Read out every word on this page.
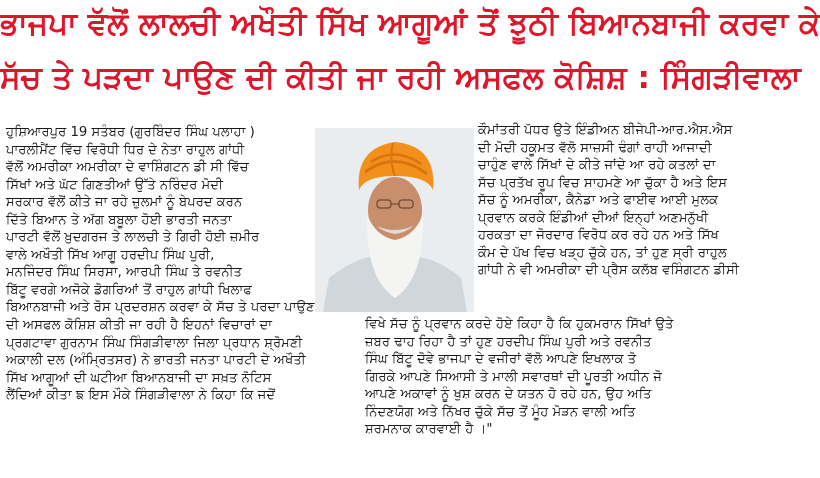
ਭਾਜਪਾ ਵੱਲੋਂ ਲਾਲਚੀ ਅਖੌਤੀ ਸਿੱਖ ਆਗੂਆਂ ਤੋਂ ਝੂਠੀ ਬਿਆਨਬਾਜੀ ਕਰਵਾ ਕੇ
ਸੱਚ ਤੇ ਪੜਦਾ ਪਾਉਣ ਦੀ ਕੀਤੀ ਜਾ ਰਹੀ ਅਸਫਲ ਕੋਸ਼ਿਸ਼ : ਸਿੰਗੜੀਵਾਲਾ

ਹੁਸ਼ਿਆਰਪੁਰ 19 ਸਤੰਬਰ (ਗੁਰਬਿੰਦਰ ਸਿੰਘ ਪਲਾਹਾ )

ਪਾਰਲੀਮੈਂਟ ਵਿੱਚ ਵਿਰੋਧੀ ਧਿਰ ਦੇ ਨੇਤਾ ਰਾਹੁਲ ਗਾਂਧੀ

ਵੱਲੋਂ ਅਮਰੀਕਾ ਅਮਰੀਕਾ ਦੇ ਵਾਸ਼ਿੰਗਟਨ ਡੀ ਸੀ ਵਿੱਚ

ਸਿੱਖਾਂ ਅਤੇ ਘੱਟ ਗਿਣਤੀਆਂ ਉੱਤੇ ਨਰਿੰਦਰ ਮੋਦੀ

ਸਰਕਾਰ ਵੱਲੋਂ ਕੀਤੇ ਜਾ ਰਹੇ ਜ਼ੁਲਮਾਂ ਨੂੰ ਬੇਪਰਦ ਕਰਨ

ਦਿੱਤੇ ਬਿਆਨ ਤੇ ਅੱਗ ਬਬੂਲਾ ਹੋਈ ਭਾਰਤੀ ਜਨਤਾ

ਪਾਰਟੀ ਵੱਲੋਂ ਖ਼ੁਦਗਰਜ ਤੇ ਲਾਲਚੀ ਤੇ ਗਿਰੀ ਹੋਈ ਜ਼ਮੀਰ

ਵਾਲੇ ਅਖੌਤੀ ਸਿੱਖ ਆਗੂ ਹਰਦੀਪ ਸਿੰਘ ਪੁਰੀ,

ਮਨਜਿੰਦਰ ਸਿੰਘ ਸਿਰਸਾ, ਆਰਪੀ ਸਿੰਘ ਤੇ ਰਵਨੀਤ

ਬਿੱਟੂ ਵਰਗੇ ਅਜੋਕੇ ਡੋਗਰਿਆਂ ਤੋਂ ਰਾਹੁਲ ਗਾਂਧੀ ਖਿਲਾਫ

ਬਿਆਨਬਾਜੀ ਅਤੇ ਰੋਸ ਪ੍ਰਦਰਸ਼ਨ ਕਰਵਾ ਕੇ ਸੱਚ ਤੇ ਪਰਦਾ ਪਾਉਣ

ਦੀ ਅਸਫਲ ਕੋਸ਼ਿਸ਼ ਕੀਤੀ ਜਾ ਰਹੀ ਹੈ ਇਹਨਾਂ ਵਿਚਾਰਾਂ ਦਾ

ਪ੍ਰਗਟਾਵਾ ਗੁਰਨਾਮ ਸਿੰਘ ਸਿੰਗੜੀਵਾਲਾ ਜਿਲਾ ਪ੍ਰਧਾਨ ਸ਼੍ਰੋਮਣੀ

ਅਕਾਲੀ ਦਲ (ਅੰਮ੍ਰਿਤਸਰ) ਨੇ ਭਾਰਤੀ ਜਨਤਾ ਪਾਰਟੀ ਦੇ ਅਖੌਤੀ

ਸਿੱਖ ਆਗੂਆਂ ਦੀ ਘਟੀਆ ਬਿਆਨਬਾਜੀ ਦਾ ਸਖ਼ਤ ਨੋਟਿਸ

ਲੈਂਦਿਆਂ ਕੀਤਾ ਙ ਇਸ ਮੌਕੇ ਸਿੰਗੜੀਵਾਲਾ ਨੇ ਕਿਹਾ ਕਿ ਜਦੋਂ

ਕੌਮਾਂਤਰੀ ਪੱਧਰ ਉਤੇ ਇੰਡੀਅਨ ਬੀਜੇਪੀ-ਆਰ.ਐਸ.ਐਸ

ਦੀ ਮੋਦੀ ਹਕੂਮਤ ਵੱਲੋ ਸਾਜ਼ਸੀ ਢੰਗਾਂ ਰਾਹੀ ਆਜਾਦੀ

ਚਾਹੁੰਣ ਵਾਲੇ ਸਿੱਖਾਂ ਦੇ ਕੀਤੇ ਜਾਂਦੇ ਆ ਰਹੇ ਕਤਲਾਂ ਦਾ

ਸੱਚ ਪ੍ਰਤੱਖ ਰੂਪ ਵਿਚ ਸਾਹਮਣੇ ਆ ਚੁੱਕਾ ਹੈ ਅਤੇ ਇਸ

ਸੱਚ ਨੂੰ ਅਮਰੀਕਾ, ਕੈਨੇਡਾ ਅਤੇ ਫਾਈਵ ਆਈ ਮੁਲਕ

ਪ੍ਰਵਾਨ ਕਰਕੇ ਇੰਡੀਆਂ ਦੀਆਂ ਇਨ੍ਹਾਂ ਅਣਮਨੁੱਖੀ

ਹਰਕਤਾ ਦਾ ਜੋਰਦਾਰ ਵਿਰੋਧ ਕਰ ਰਹੇ ਹਨ ਅਤੇ ਸਿੱਖ

ਕੌਮ ਦੇ ਪੱਖ ਵਿਚ ਖੜ੍ਹ ਚੁੱਕੇ ਹਨ, ਤਾਂ ਹੁਣ ਸ੍ਰੀ ਰਾਹੁਲ

ਗਾਂਧੀ ਨੇ ਵੀ ਅਮਰੀਕਾ ਦੀ ਪ੍ਰੈਸ ਕਲੱਬ ਵਸਿੰਗਟਨ ਡੀਸੀ

ਵਿਖੇ ਸੱਚ ਨੂੰ ਪ੍ਰਵਾਨ ਕਰਦੇ ਹੋਏ ਕਿਹਾ ਹੈ ਕਿ ਹੁਕਮਰਾਨ ਸਿੱਖਾਂ ਉਤੇ

ਜ਼ਬਰ ਢਾਹ ਰਿਹਾ ਹੈ ਤਾਂ ਹੁਣ ਹਰਦੀਪ ਸਿੰਘ ਪੁਰੀ ਅਤੇ ਰਵਨੀਤ

ਸਿੰਘ ਬਿੱਟੂ ਦੋਵੇ ਭਾਜਪਾ ਦੇ ਵਜੀਰਾਂ ਵੱਲੋ ਆਪਣੇ ਇਖਲਾਕ ਤੋ

ਗਿਰਕੇ ਆਪਣੇ ਸਿਆਸੀ ਤੇ ਮਾਲੀ ਸਵਾਰਥਾਂ ਦੀ ਪੂਰਤੀ ਅਧੀਨ ਜੋ

ਆਪਣੇ ਅਕਾਵਾਂ ਨੂੰ ਖੁਸ਼ ਕਰਨ ਦੇ ਯਤਨ ਹੋ ਰਹੇ ਹਨ, ਉਹ ਅਤਿ

ਨਿੰਦਣਯੋਗ ਅਤੇ ਨਿੱਖਰ ਚੁੱਕੇ ਸੱਚ ਤੋਂ ਮੂੰਹ ਮੋੜਨ ਵਾਲੀ ਅਤਿ

ਸ਼ਰਮਨਾਕ ਕਾਰਵਾਈ ਹੈ ।"
